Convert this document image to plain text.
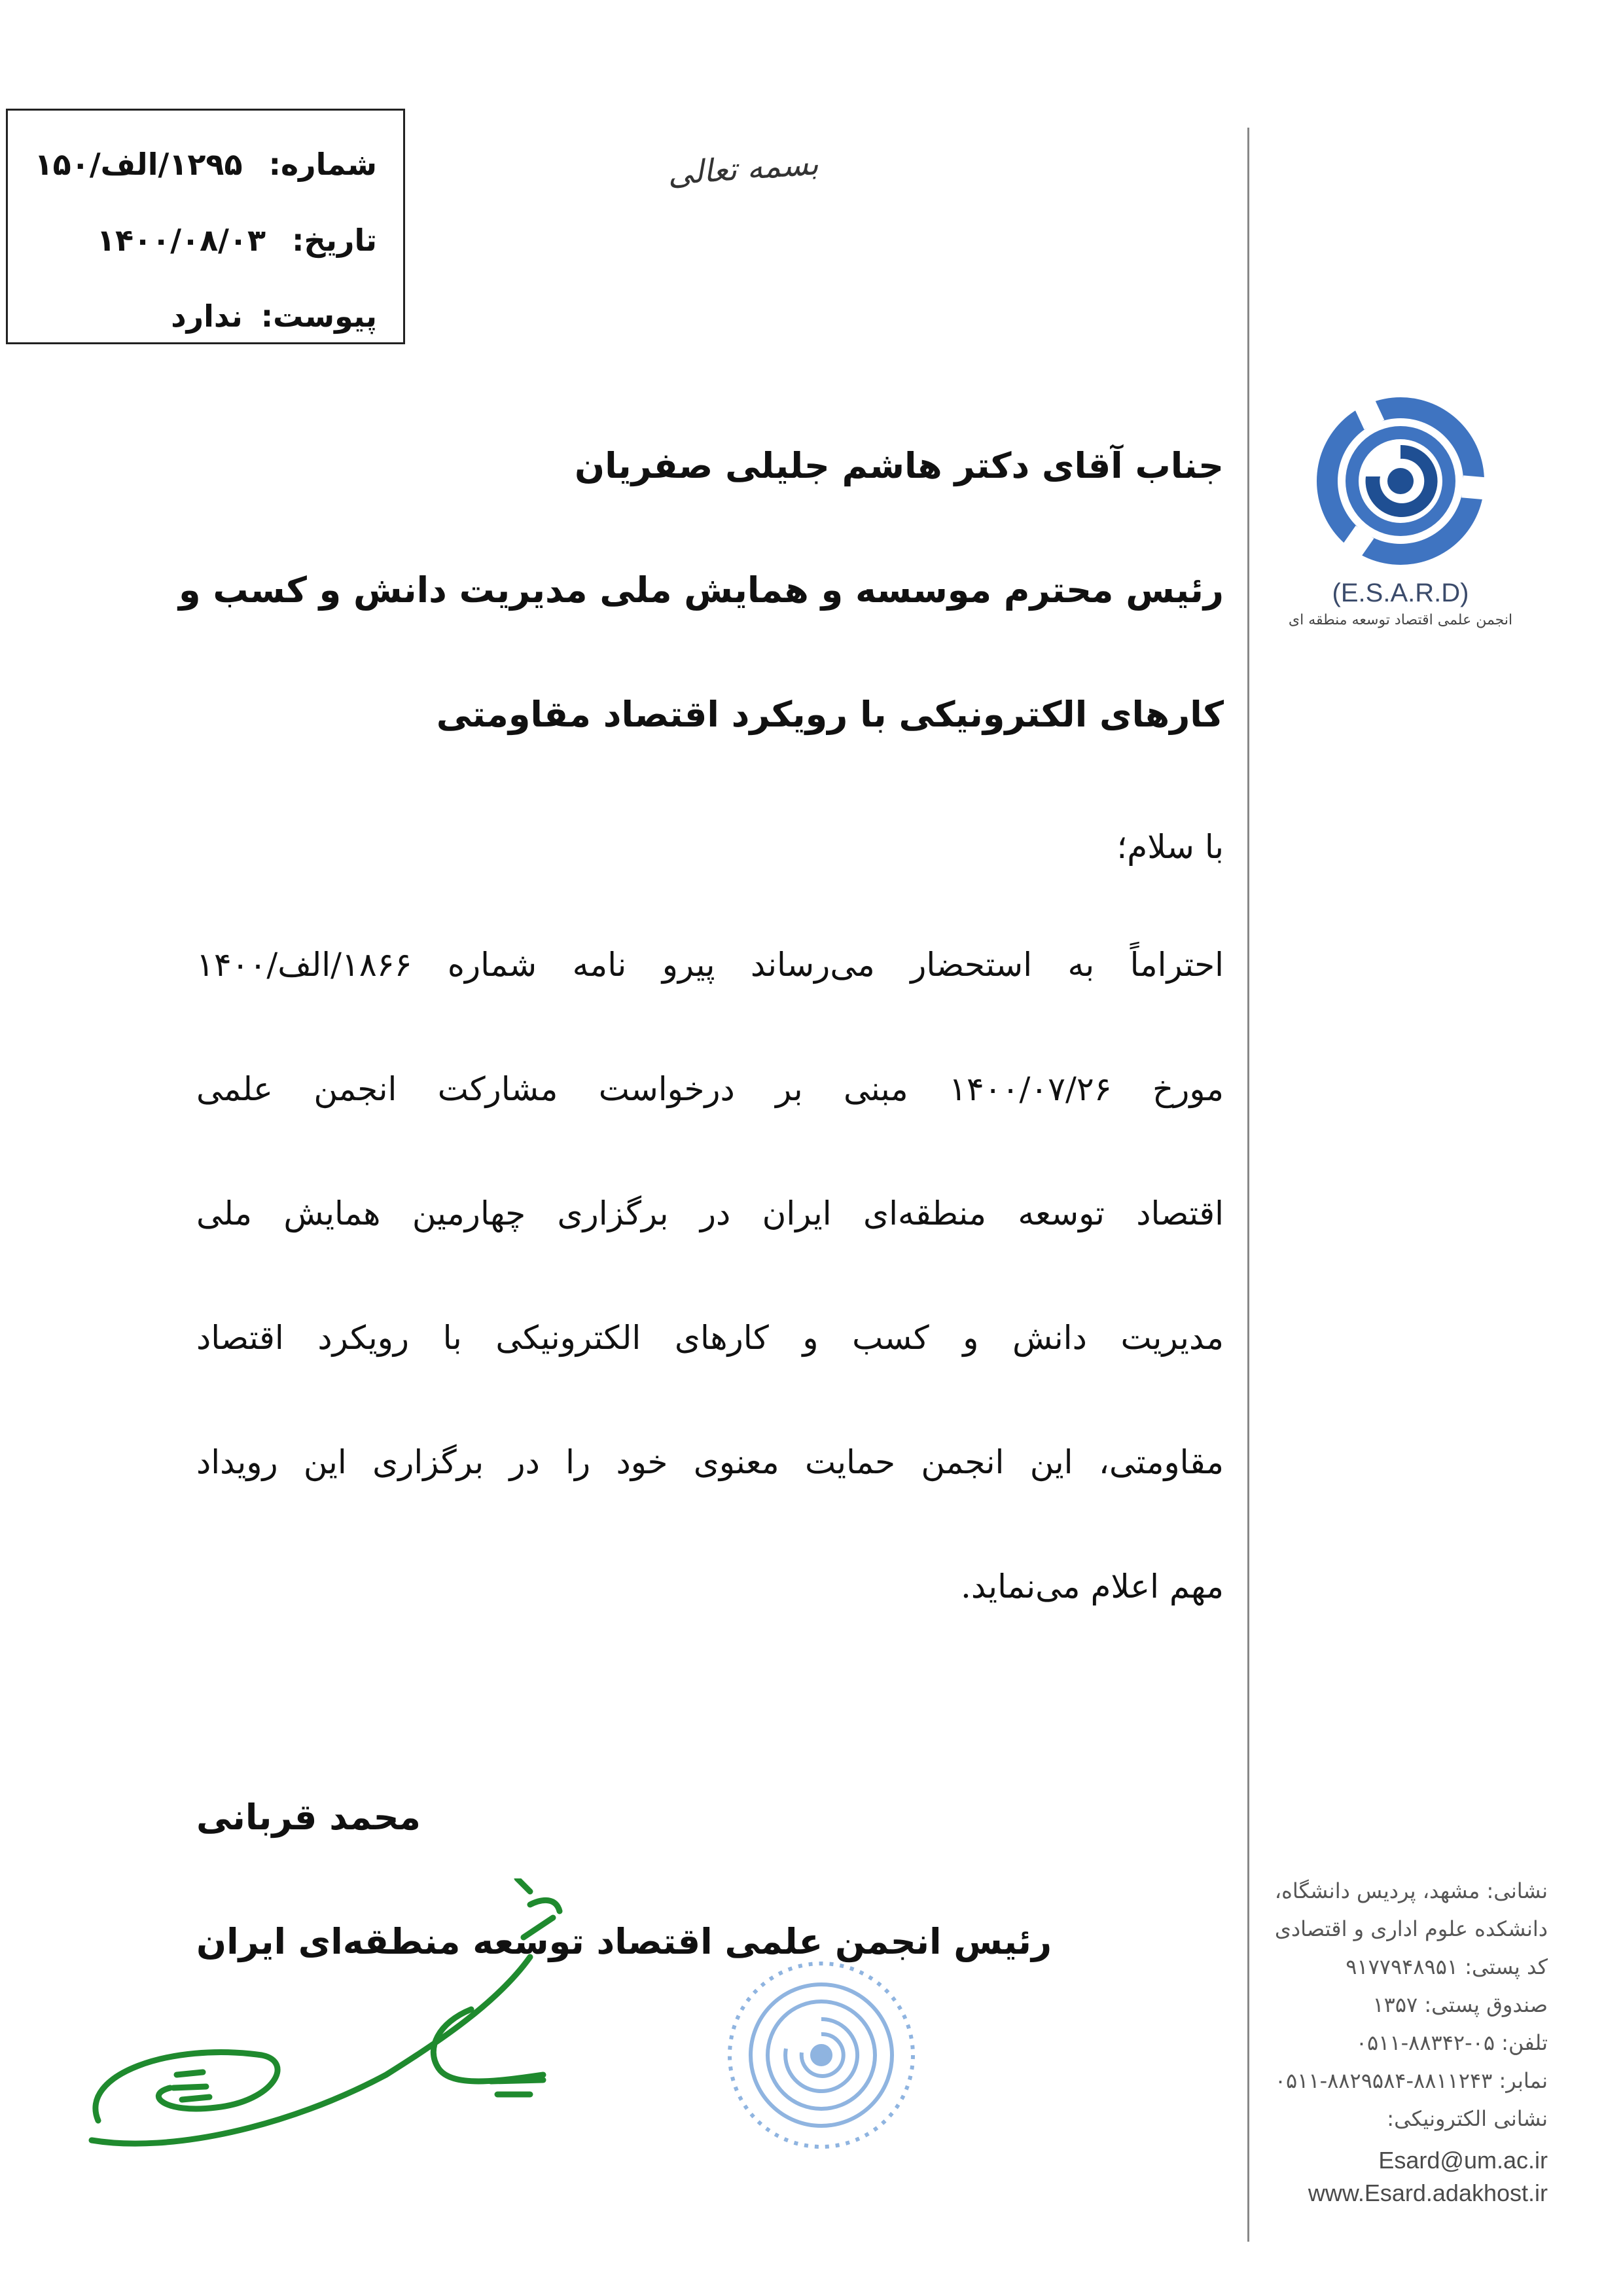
شماره: ۱۲۹۵/الف/۱۵۰
تاریخ: ۱۴۰۰/۰۸/۰۳
پیوست: ندارد
بسمه تعالی
(E.S.A.R.D)
انجمن علمی اقتصاد توسعه منطقه ای
جناب آقای دکتر هاشم جلیلی صفریان
رئیس محترم موسسه و همایش ملی مدیریت دانش و کسب و
کارهای الکترونیکی با رویکرد اقتصاد مقاومتی
با سلام؛
احتراماً به استحضار می‌رساند پیرو نامه شماره ۱۸۶۶/الف/۱۴۰۰
مورخ ۱۴۰۰/۰۷/۲۶ مبنی بر درخواست مشارکت انجمن علمی
اقتصاد توسعه منطقه‌ای ایران در برگزاری چهارمین همایش ملی
مدیریت دانش و کسب و کارهای الکترونیکی با رویکرد اقتصاد
مقاومتی، این انجمن حمایت معنوی خود را در برگزاری این رویداد
مهم اعلام می‌نماید.
محمد قربانی
رئیس انجمن علمی اقتصاد توسعه منطقه‌ای ایران
نشانی: مشهد، پردیس دانشگاه،
دانشکده علوم اداری و اقتصادی
کد پستی: ۹۱۷۷۹۴۸۹۵۱
صندوق پستی: ۱۳۵۷
تلفن: ۰۵-۸۸۳۴۲-۰۵۱۱
نمابر: ۸۸۱۱۲۴۳-۸۸۲۹۵۸۴-۰۵۱۱
نشانی الکترونیکی:
Esard@um.ac.ir
www.Esard.adakhost.ir
